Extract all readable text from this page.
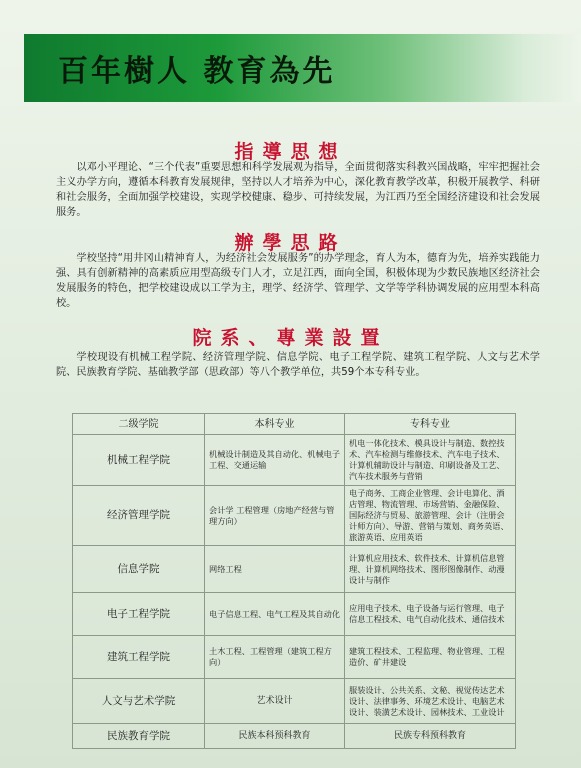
百年樹人 教育為先
指導思想
以邓小平理论、“三个代表”重要思想和科学发展观为指导，全面贯彻落实科教兴国战略，牢牢把握社会主义办学方向，遵循本科教育发展规律，坚持以人才培养为中心，深化教育教学改革，积极开展教学、科研和社会服务，全面加强学校建设，实现学校健康、稳步、可持续发展，为江西乃至全国经济建设和社会发展服务。
辦學思路
学校坚持“用井冈山精神育人，为经济社会发展服务”的办学理念，育人为本，德育为先，培养实践能力强、具有创新精神的高素质应用型高级专门人才，立足江西，面向全国，积极体现为少数民族地区经济社会发展服务的特色，把学校建设成以工学为主，理学、经济学、管理学、文学等学科协调发展的应用型本科高校。
院系、專業設置
学校现设有机械工程学院、经济管理学院、信息学院、电子工程学院、建筑工程学院、人文与艺术学院、民族教育学院、基础教学部（思政部）等八个教学单位，共59个本专科专业。
二级学院	本科专业	专科专业
机械工程学院	机械设计制造及其自动化、机械电子工程、交通运输	机电一体化技术、模具设计与制造、数控技术、汽车检测与维修技术、汽车电子技术、计算机辅助设计与制造、印刷设备及工艺、汽车技术服务与营销
经济管理学院	会计学 工程管理（房地产经营与管理方向）	电子商务、工商企业管理、会计电算化、酒店管理、物流管理、市场营销、金融保险、国际经济与贸易、旅游管理、会计（注册会计师方向）、导游、营销与策划、商务英语、旅游英语、应用英语
信息学院	网络工程	计算机应用技术、软件技术、计算机信息管理、计算机网络技术、图形图像制作、动漫设计与制作
电子工程学院	电子信息工程、电气工程及其自动化	应用电子技术、电子设备与运行管理、电子信息工程技术、电气自动化技术、通信技术
建筑工程学院	土木工程、工程管理（建筑工程方向）	建筑工程技术、工程监理、物业管理、工程造价、矿井建设
人文与艺术学院	艺术设计	服装设计、公共关系、文秘、视觉传达艺术设计、法律事务、环境艺术设计、电脑艺术设计、装潢艺术设计、园林技术、工业设计
民族教育学院	民族本科预科教育	民族专科预科教育
